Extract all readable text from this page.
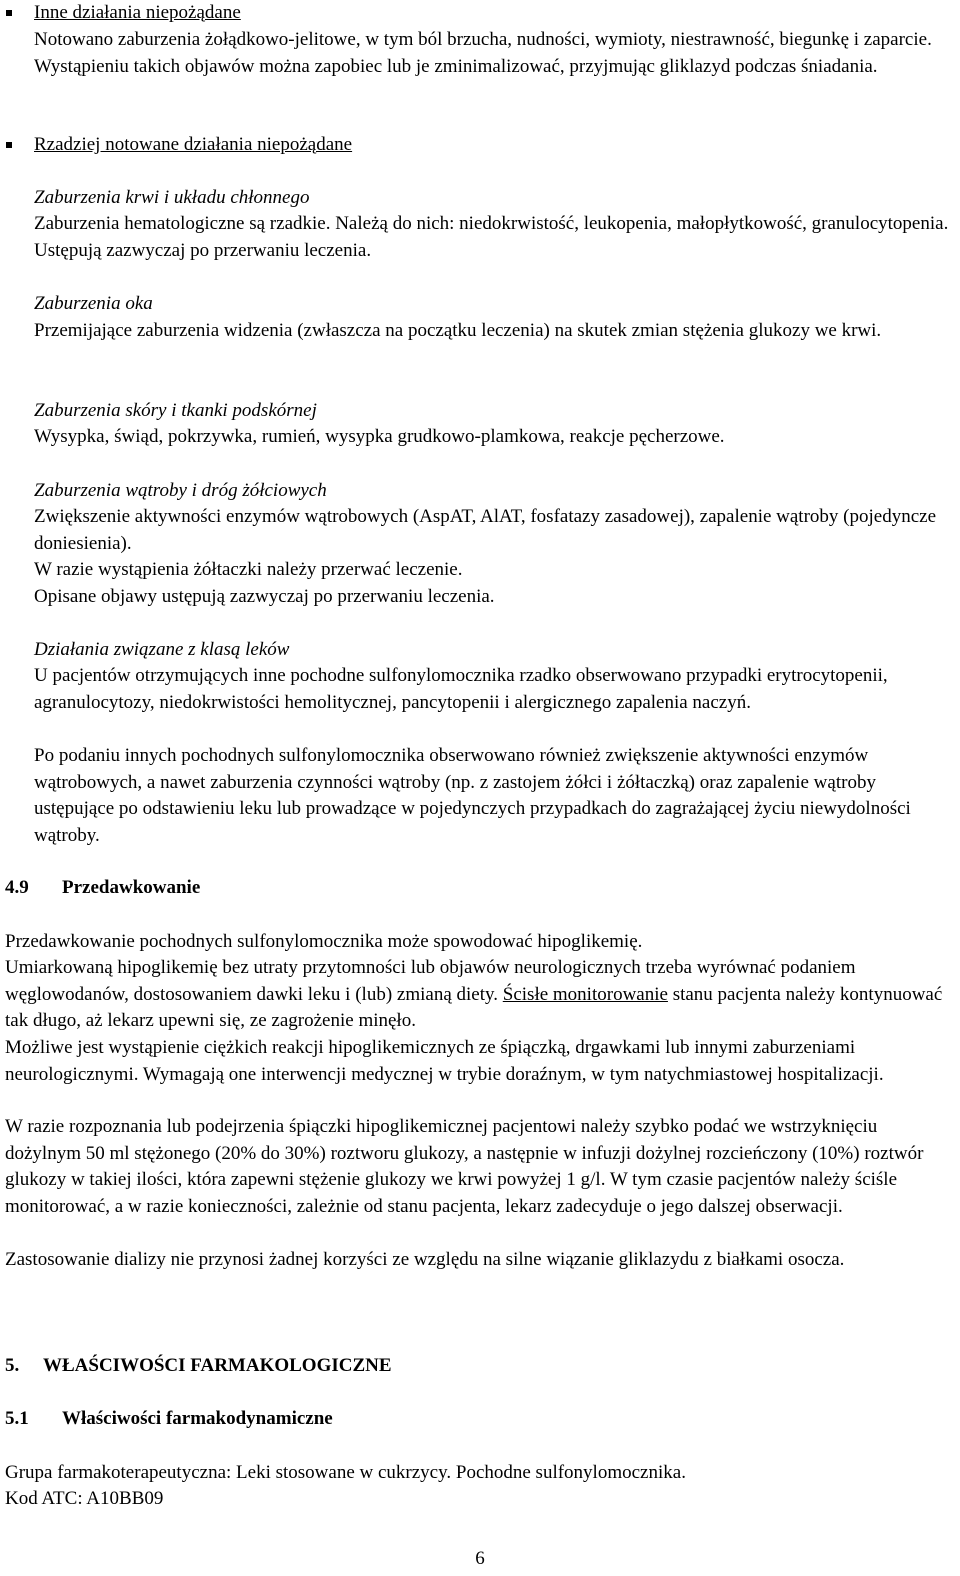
Inne działania niepożądane

Notowano zaburzenia żołądkowo-jelitowe, w tym ból brzucha, nudności, wymioty, niestrawność, biegunkę i zaparcie. Wystąpieniu takich objawów można zapobiec lub je zminimalizować, przyjmując gliklazyd podczas śniadania.

Rzadziej notowane działania niepożądane

Zaburzenia krwi i układu chłonnego

Zaburzenia hematologiczne są rzadkie. Należą do nich: niedokrwistość, leukopenia, małopłytkowość, granulocytopenia. Ustępują zazwyczaj po przerwaniu leczenia.

Zaburzenia oka

Przemijające zaburzenia widzenia (zwłaszcza na początku leczenia) na skutek zmian stężenia glukozy we krwi.

Zaburzenia skóry i tkanki podskórnej

Wysypka, świąd, pokrzywka, rumień, wysypka grudkowo-plamkowa, reakcje pęcherzowe.

Zaburzenia wątroby i dróg żółciowych

Zwiększenie aktywności enzymów wątrobowych (AspAT, AlAT, fosfatazy zasadowej), zapalenie wątroby (pojedyncze doniesienia).

W razie wystąpienia żółtaczki należy przerwać leczenie.

Opisane objawy ustępują zazwyczaj po przerwaniu leczenia.

Działania związane z klasą leków

U pacjentów otrzymujących inne pochodne sulfonylomocznika rzadko obserwowano przypadki erytrocytopenii, agranulocytozy, niedokrwistości hemolitycznej, pancytopenii i alergicznego zapalenia naczyń.

Po podaniu innych pochodnych sulfonylomocznika obserwowano również zwiększenie aktywności enzymów wątrobowych, a nawet zaburzenia czynności wątroby (np. z zastojem żółci i żółtaczką) oraz zapalenie wątroby ustępujące po odstawieniu leku lub prowadzące w pojedynczych przypadkach do zagrażającej życiu niewydolności wątroby.

4.9 Przedawkowanie

Przedawkowanie pochodnych sulfonylomocznika może spowodować hipoglikemię.

Umiarkowaną hipoglikemię bez utraty przytomności lub objawów neurologicznych trzeba wyrównać podaniem węglowodanów, dostosowaniem dawki leku i (lub) zmianą diety. Ścisłe monitorowanie stanu pacjenta należy kontynuować tak długo, aż lekarz upewni się, ze zagrożenie minęło.

Możliwe jest wystąpienie ciężkich reakcji hipoglikemicznych ze śpiączką, drgawkami lub innymi zaburzeniami neurologicznymi. Wymagają one interwencji medycznej w trybie doraźnym, w tym natychmiastowej hospitalizacji.

W razie rozpoznania lub podejrzenia śpiączki hipoglikemicznej pacjentowi należy szybko podać we wstrzyknięciu dożylnym 50 ml stężonego (20% do 30%) roztworu glukozy, a następnie w infuzji dożylnej rozcieńczony (10%) roztwór glukozy w takiej ilości, która zapewni stężenie glukozy we krwi powyżej 1 g/l. W tym czasie pacjentów należy ściśle monitorować, a w razie konieczności, zależnie od stanu pacjenta, lekarz zadecyduje o jego dalszej obserwacji.

Zastosowanie dializy nie przynosi żadnej korzyści ze względu na silne wiązanie gliklazydu z białkami osocza.

5. WŁAŚCIWOŚCI FARMAKOLOGICZNE

5.1 Właściwości farmakodynamiczne

Grupa farmakoterapeutyczna: Leki stosowane w cukrzycy. Pochodne sulfonylomocznika.

Kod ATC: A10BB09

6
